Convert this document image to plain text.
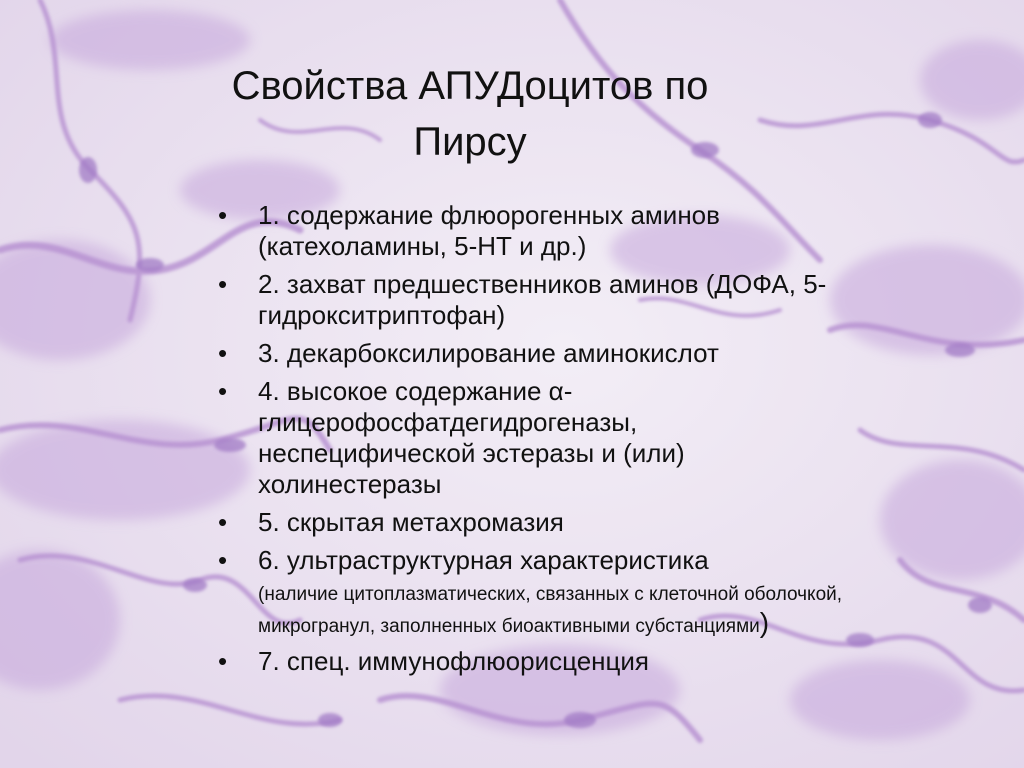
Свойства АПУДоцитов по
Пирсу
• 1. содержание флюорогенных аминов (катехоламины, 5-НТ и др.)
• 2. захват предшественников аминов (ДОФА, 5-гидрокситриптофан)
• 3. декарбоксилирование аминокислот
• 4. высокое содержание α-глицерофосфатдегидрогеназы, неспецифической эстеразы и (или) холинестеразы
• 5. скрытая метахромазия
• 6. ультраструктурная характеристика
(наличие цитоплазматических, связанных с клеточной оболочкой, микрогранул, заполненных биоактивными субстанциями)
• 7. спец. иммунофлюорисценция
